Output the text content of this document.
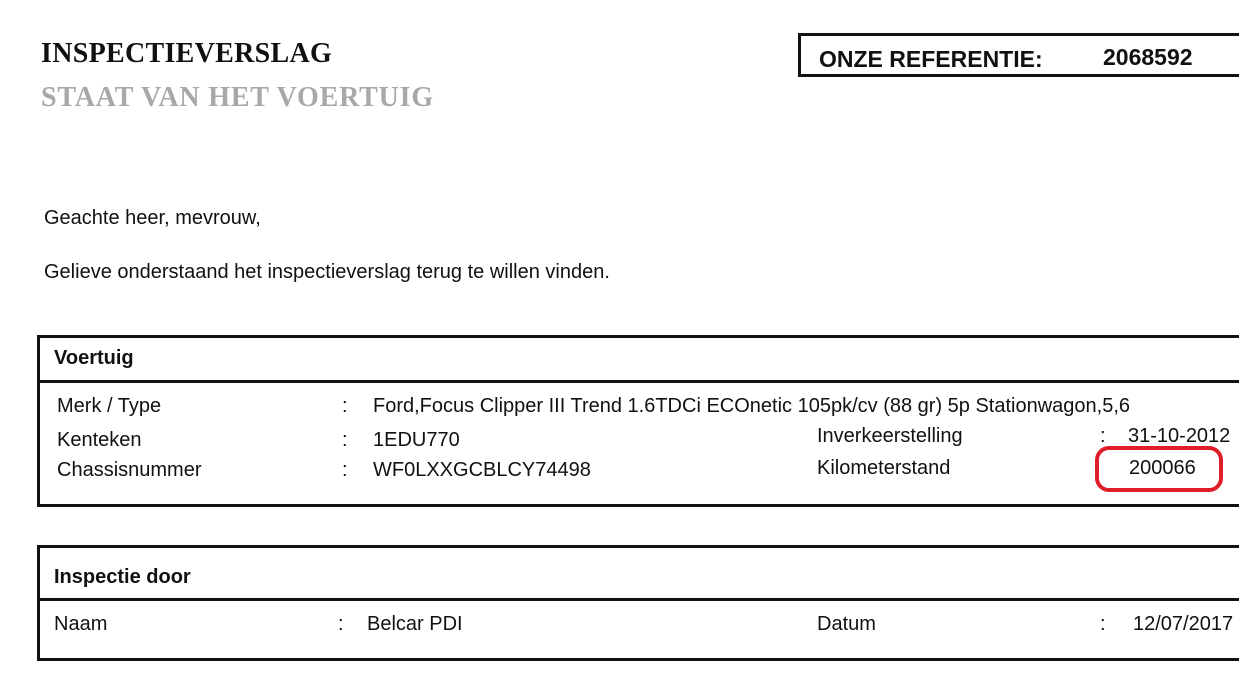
INSPECTIEVERSLAG
STAAT VAN HET VOERTUIG
ONZE REFERENTIE:	2068592
Geachte heer, mevrouw,
Gelieve onderstaand het inspectieverslag terug te willen vinden.
Voertuig
Merk / Type	: Ford,Focus Clipper III Trend 1.6TDCi ECOnetic 105pk/cv (88 gr) 5p Stationwagon,5,6
Kenteken	: 1EDU770	Inverkeerstelling	: 31-10-2012
Chassisnummer	: WF0LXXGCBLCY74498	Kilometerstand	200066
Inspectie door
Naam	: Belcar PDI	Datum	: 12/07/2017
